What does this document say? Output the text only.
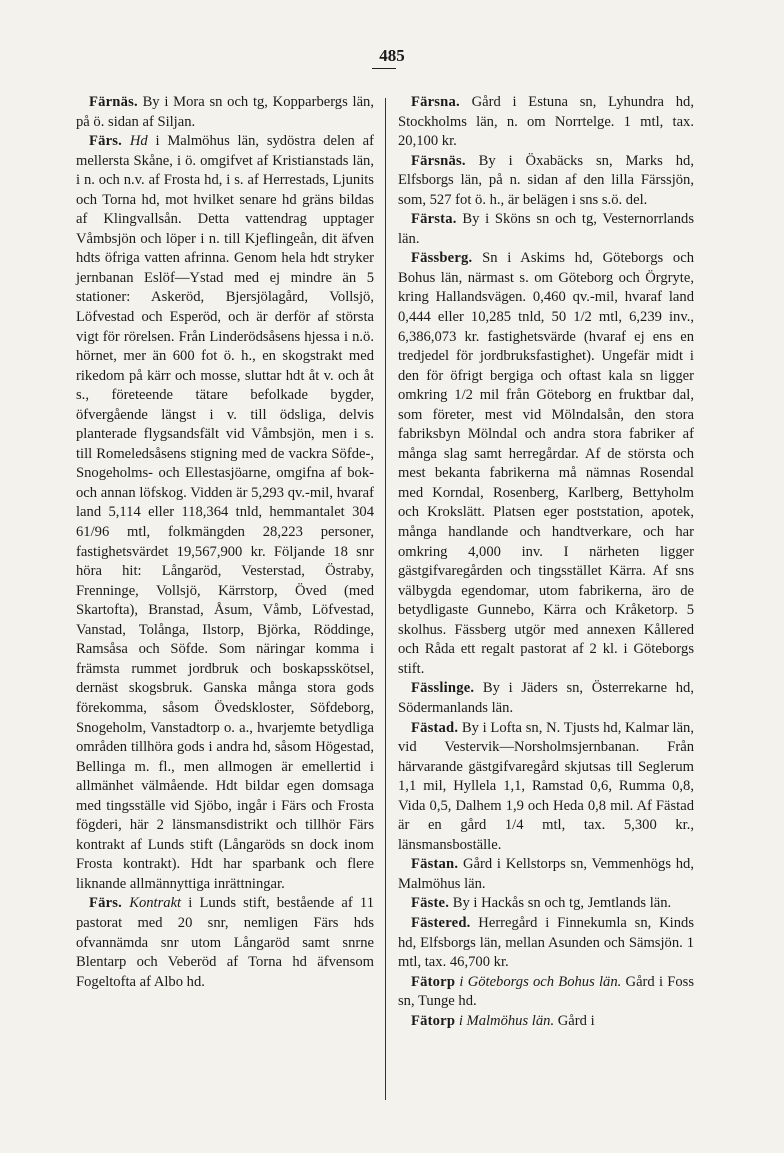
485

Färnäs. By i Mora sn och tg, Kopparbergs län, på ö. sidan af Siljan.

Färs. Hd i Malmöhus län, sydöstra delen af mellersta Skåne, i ö. omgifvet af Kristianstads län, i n. och n.v. af Frosta hd, i s. af Herrestads, Ljunits och Torna hd, mot hvilket senare hd gräns bildas af Klingvallsån. Detta vattendrag upptager Våmbsjön och löper i n. till Kjeflingeån, dit äfven hdts öfriga vatten afrinna. Genom hela hdt stryker jernbanan Eslöf—Ystad med ej mindre än 5 stationer: Askeröd, Bjersjölagård, Vollsjö, Löfvestad och Esperöd, och är derför af största vigt för rörelsen. Från Linderödsåsens hjessa i n.ö. hörnet, mer än 600 fot ö. h., en skogstrakt med rikedom på kärr och mosse, sluttar hdt åt v. och åt s., företeende tätare befolkade bygder, öfvergående längst i v. till ödsliga, delvis planterade flygsandsfält vid Våmbsjön, men i s. till Romeledsåsens stigning med de vackra Söfde-, Snogeholms- och Ellestasjöarne, omgifna af bok- och annan löfskog. Vidden är 5,293 qv.-mil, hvaraf land 5,114 eller 118,364 tnld, hemmantalet 304 61/96 mtl, folkmängden 28,223 personer, fastighetsvärdet 19,567,900 kr. Följande 18 snr höra hit: Långaröd, Vesterstad, Östraby, Frenninge, Vollsjö, Kärrstorp, Öved (med Skartofta), Branstad, Åsum, Våmb, Löfvestad, Vanstad, Tolånga, Ilstorp, Björka, Röddinge, Ramsåsa och Söfde. Som näringar komma i främsta rummet jordbruk och boskapsskötsel, dernäst skogsbruk. Ganska många stora gods förekomma, såsom Övedskloster, Söfdeborg, Snogeholm, Vanstadtorp o. a., hvarjemte betydliga områden tillhöra gods i andra hd, såsom Högestad, Bellinga m. fl., men allmogen är emellertid i allmänhet välmående. Hdt bildar egen domsaga med tingsställe vid Sjöbo, ingår i Färs och Frosta fögderi, här 2 länsmansdistrikt och tillhör Färs kontrakt af Lunds stift (Långaröds sn dock inom Frosta kontrakt). Hdt har sparbank och flere liknande allmännyttiga inrättningar.

Färs. Kontrakt i Lunds stift, bestående af 11 pastorat med 20 snr, nemligen Färs hds ofvannämda snr utom Långaröd samt snrne Blentarp och Veberöd af Torna hd äfvensom Fogeltofta af Albo hd.

Färsna. Gård i Estuna sn, Lyhundra hd, Stockholms län, n. om Norrtelge. 1 mtl, tax. 20,100 kr.

Färsnäs. By i Öxabäcks sn, Marks hd, Elfsborgs län, på n. sidan af den lilla Färssjön, som, 527 fot ö. h., är belägen i sns s.ö. del.

Färsta. By i Sköns sn och tg, Vesternorrlands län.

Fässberg. Sn i Askims hd, Göteborgs och Bohus län, närmast s. om Göteborg och Örgryte, kring Hallandsvägen. 0,460 qv.-mil, hvaraf land 0,444 eller 10,285 tnld, 50 1/2 mtl, 6,239 inv., 6,386,073 kr. fastighetsvärde (hvaraf ej ens en tredjedel för jordbruksfastighet). Ungefär midt i den för öfrigt bergiga och oftast kala sn ligger omkring 1/2 mil från Göteborg en fruktbar dal, som företer, mest vid Mölndalsån, den stora fabriksbyn Mölndal och andra stora fabriker af många slag samt herregårdar. Af de största och mest bekanta fabrikerna må nämnas Rosendal med Korndal, Rosenberg, Karlberg, Bettyholm och Krokslätt. Platsen eger poststation, apotek, många handlande och handtverkare, och har omkring 4,000 inv. I närheten ligger gästgifvaregården och tingsstället Kärra. Af sns välbygda egendomar, utom fabrikerna, äro de betydligaste Gunnebo, Kärra och Kråketorp. 5 skolhus. Fässberg utgör med annexen Kållered och Råda ett regalt pastorat af 2 kl. i Göteborgs stift.

Fässlinge. By i Jäders sn, Österrekarne hd, Södermanlands län.

Fästad. By i Lofta sn, N. Tjusts hd, Kalmar län, vid Vestervik—Norsholmsjernbanan. Från härvarande gästgifvaregård skjutsas till Seglerum 1,1 mil, Hyllela 1,1, Ramstad 0,6, Rumma 0,8, Vida 0,5, Dalhem 1,9 och Heda 0,8 mil. Af Fästad är en gård 1/4 mtl, tax. 5,300 kr., länsmansboställe.

Fästan. Gård i Kellstorps sn, Vemmenhögs hd, Malmöhus län.

Fäste. By i Hackås sn och tg, Jemtlands län.

Fästered. Herregård i Finnekumla sn, Kinds hd, Elfsborgs län, mellan Asunden och Sämsjön. 1 mtl, tax. 46,700 kr.

Fätorp i Göteborgs och Bohus län. Gård i Foss sn, Tunge hd.

Fätorp i Malmöhus län. Gård i
